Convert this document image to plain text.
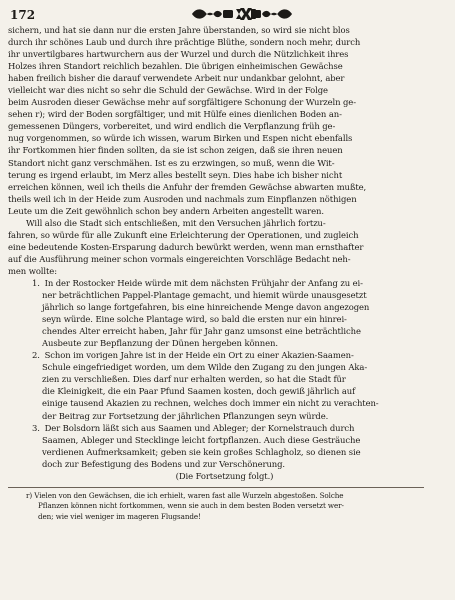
172
sichern, und hat sie dann nur die ersten Jahre überstanden, so wird sie nicht blos
durch ihr schönes Laub und durch ihre prächtige Blüthe, sondern noch mehr, durch
ihr unvertilgbares hartwurchern aus der Wurzel und durch die Nützlichkeit ihres
Holzes ihren Standort reichlich bezahlen. Die übrigen einheimischen Gewächse
haben freilich bisher die darauf verwendete Arbeit nur undankbar gelohnt, aber
vielleicht war dies nicht so sehr die Schuld der Gewächse. Wird in der Folge
beim Ausroden dieser Gewächse mehr auf sorgfältigere Schonung der Wurzeln ge-
sehen r); wird der Boden sorgfältiger, und mit Hülfe eines dienlichen Boden an-
gemessenen Düngers, vorbereitet, und wird endlich die Verpflanzung früh ge-
nug vorgenommen, so würde ich wissen, warum Birken und Espen nicht ebenfalls
ihr Fortkommen hier finden sollten, da sie ist schon zeigen, daß sie ihren neuen
Standort nicht ganz verschmähen. Ist es zu erzwingen, so muß, wenn die Wit-
terung es irgend erlaubt, im Merz alles bestellt seyn. Dies habe ich bisher nicht
erreichen können, weil ich theils die Anfuhr der fremden Gewächse abwarten mußte,
theils weil ich in der Heide zum Ausroden und nachmals zum Einpflanzen nöthigen
Leute um die Zeit gewöhnlich schon bey andern Arbeiten angestellt waren.
Will also die Stadt sich entschließen, mit den Versuchen jährlich fortzu-
fahren, so würde für alle Zukunft eine Erleichterung der Operationen, und zugleich
eine bedeutende Kosten-Ersparung dadurch bewürkt werden, wenn man ernsthafter
auf die Ausführung meiner schon vormals eingereichten Vorschläge Bedacht neh-
men wollte:
1. In der Rostocker Heide würde mit dem nächsten Frühjahr der Anfang zu ei-
ner beträchtlichen Pappel-Plantage gemacht, und hiemit würde unausgesetzt
jährlich so lange fortgefahren, bis eine hinreichende Menge davon angezogen
seyn würde. Eine solche Plantage wird, so bald die ersten nur ein hinrei-
chendes Alter erreicht haben, Jahr für Jahr ganz umsonst eine beträchtliche
Ausbeute zur Bepflanzung der Dünen hergeben können.
2. Schon im vorigen Jahre ist in der Heide ein Ort zu einer Akazien-Saamen-
Schule eingefriediget worden, um dem Wilde den Zugang zu den jungen Aka-
zien zu verschließen. Dies darf nur erhalten werden, so hat die Stadt für
die Kleinigkeit, die ein Paar Pfund Saamen kosten, doch gewiß jährlich auf
einige tausend Akazien zu rechnen, welches doch immer ein nicht zu verachten-
der Beitrag zur Fortsetzung der jährlichen Pflanzungen seyn würde.
3. Der Bolsdorn läßt sich aus Saamen und Ableger; der Kornelstrauch durch
Saamen, Ableger und Stecklinge leicht fortpflanzen. Auch diese Gesträuche
verdienen Aufmerksamkeit; geben sie kein großes Schlagholz, so dienen sie
doch zur Befestigung des Bodens und zur Verschönerung.
(Die Fortsetzung folgt.)
r) Vielen von den Gewächsen, die ich erhielt, waren fast alle Wurzeln abgestoßen. Solche
Pflanzen können nicht fortkommen, wenn sie auch in dem besten Boden versetzt wer-
den; wie viel weniger im mageren Flugsande!
